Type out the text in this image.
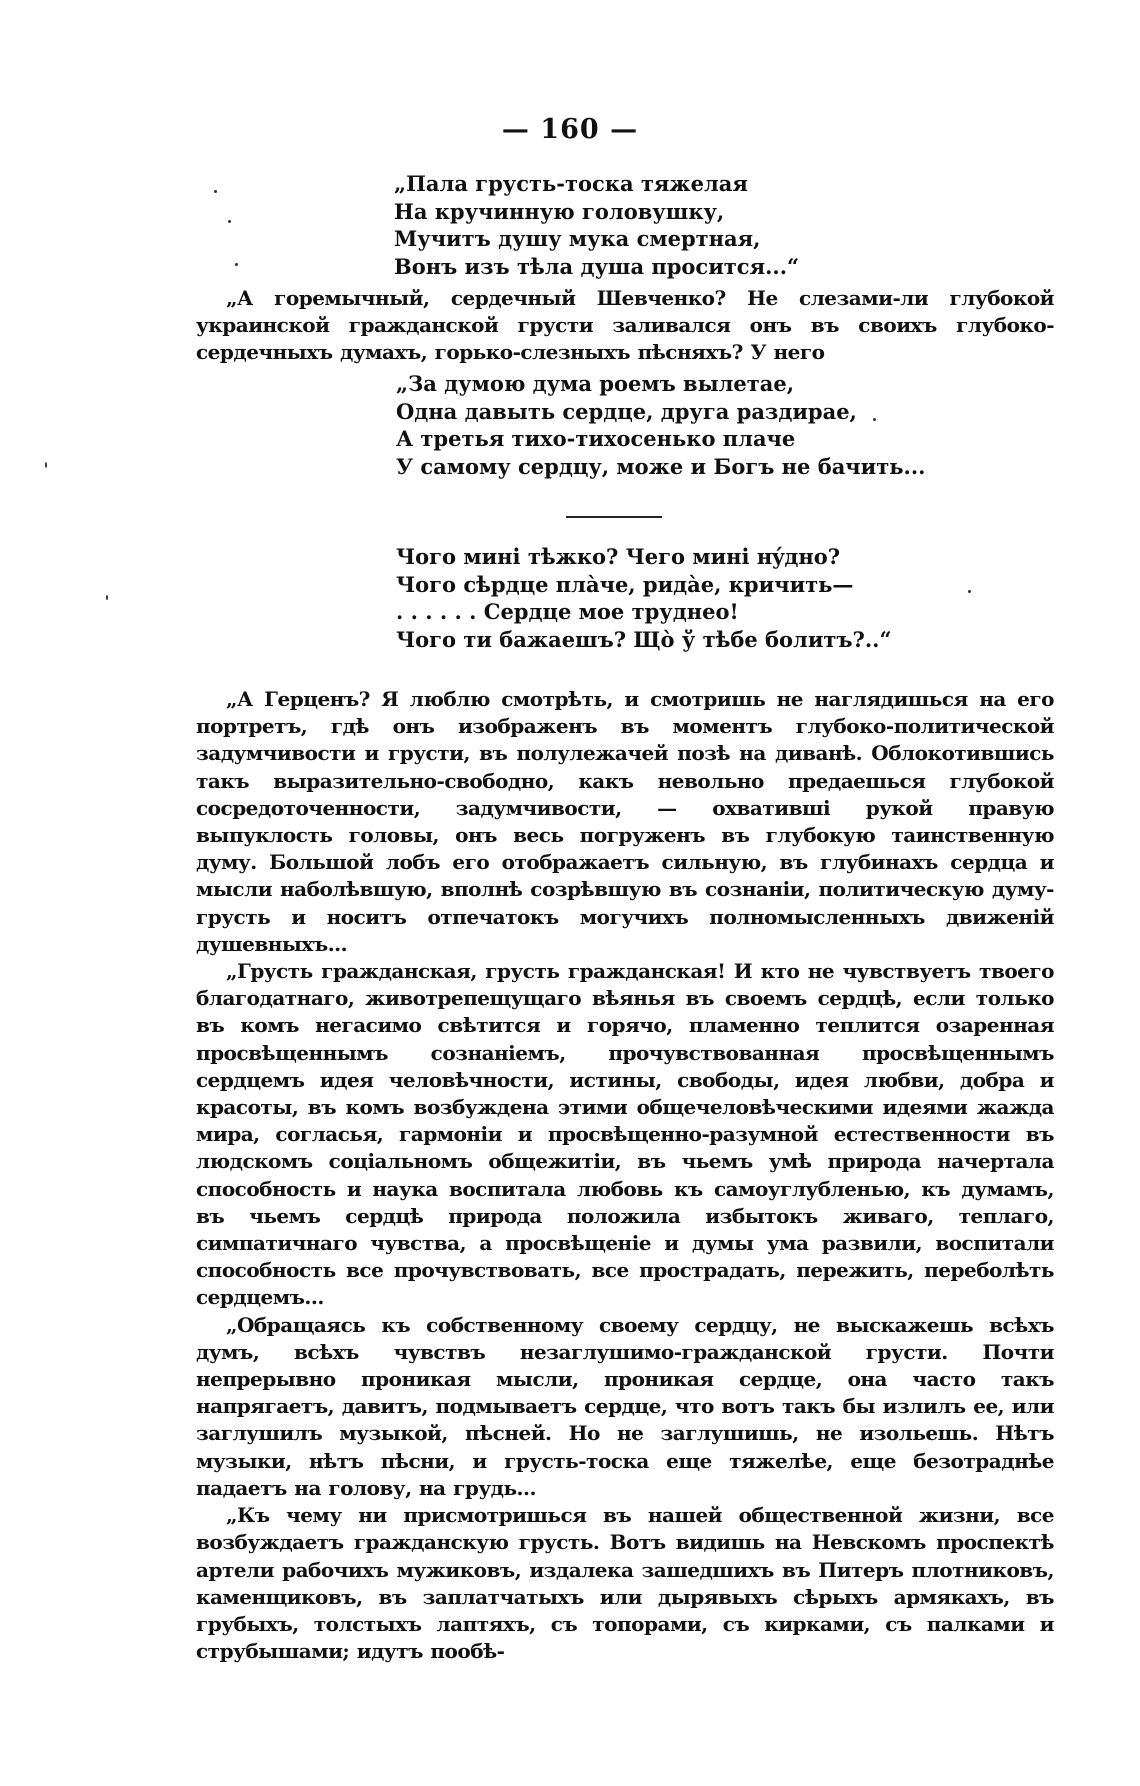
— 160 —
„Пала грусть-тоска тяжелая
На кручинную головушку,
Мучитъ душу мука смертная,
Вонъ изъ тѣла душа просится...“

„А горемычный, сердечный Шевченко? Не слезами-ли глубокой украинской гражданской грусти заливался онъ въ своихъ глубоко-сердечныхъ думахъ, горько-слезныхъ пѣсняхъ? У него

„За думою дума роемъ вылетае,
Одна давыть сердце, друга раздирае,
А третья тихо-тихосенько плаче
У самому сердцу, може и Богъ не бачить...
Чого минi тѣжко? Чего минi нýдно?
Чого сѣрдце плàче, ридàе, кричить—
. . . . . . Сердце мое труднео!
Чого ти бажаешъ? Щò ў тѣбе болитъ?..“

„А Герценъ? Я люблю смотрѣть, и смотришь не наглядишься на его портретъ, гдѣ онъ изображенъ въ моментъ глубоко-политической задумчивости и грусти, въ полулежачей позѣ на диванѣ. Облокотившись такъ выразительно-свободно, какъ невольно предаешься глубокой сосредоточенности, задумчивости, — охватившi рукой правую выпуклость головы, онъ весь погруженъ въ глубокую таинственную думу. Большой лобъ его отображаетъ сильную, въ глубинахъ сердца и мысли наболѣвшую, вполнѣ созрѣвшую въ сознанiи, политическую думу-грусть и носитъ отпечатокъ могучихъ полномысленныхъ движенiй душевныхъ...

„Грусть гражданская, грусть гражданская! И кто не чувствуетъ твоего благодатнаго, животрепещущаго вѣянья въ своемъ сердцѣ, если только въ комъ негасимо свѣтится и горячо, пламенно теплится озаренная просвѣщеннымъ сознанiемъ, прочувствованная просвѣщеннымъ сердцемъ идея человѣчности, истины, свободы, идея любви, добра и красоты, въ комъ возбуждена этими общечеловѣческими идеями жажда мира, согласья, гармонiи и просвѣщенно-разумной естественности въ людскомъ соцiальномъ общежитiи, въ чьемъ умѣ природа начертала способность и наука воспитала любовь къ самоуглубленью, къ думамъ, въ чьемъ сердцѣ природа положила избытокъ живаго, теплаго, симпатичнаго чувства, а просвѣщенiе и думы ума развили, воспитали способность все прочувствовать, все прострадать, пережить, переболѣть сердцемъ...

„Обращаясь къ собственному своему сердцу, не выскажешь всѣхъ думъ, всѣхъ чувствъ незаглушимо-гражданской грусти. Почти непрерывно проникая мысли, проникая сердце, она часто такъ напрягаетъ, давитъ, подмываетъ сердце, что вотъ такъ бы излилъ ее, или заглушилъ музыкой, пѣсней. Но не заглушишь, не изольешь. Нѣтъ музыки, нѣтъ пѣсни, и грусть-тоска еще тяжелѣе, еще безотраднѣе падаетъ на голову, на грудь...

„Къ чему ни присмотришься въ нашей общественной жизни, все возбуждаетъ гражданскую грусть. Вотъ видишь на Невскомъ проспектѣ артели рабочихъ мужиковъ, издалека зашедшихъ въ Питеръ плотниковъ, каменщиковъ, въ заплатчатыхъ или дырявыхъ сѣрыхъ армякахъ, въ грубыхъ, толстыхъ лаптяхъ, съ топорами, съ кирками, съ палками и струбышами; идутъ пообѣ-
